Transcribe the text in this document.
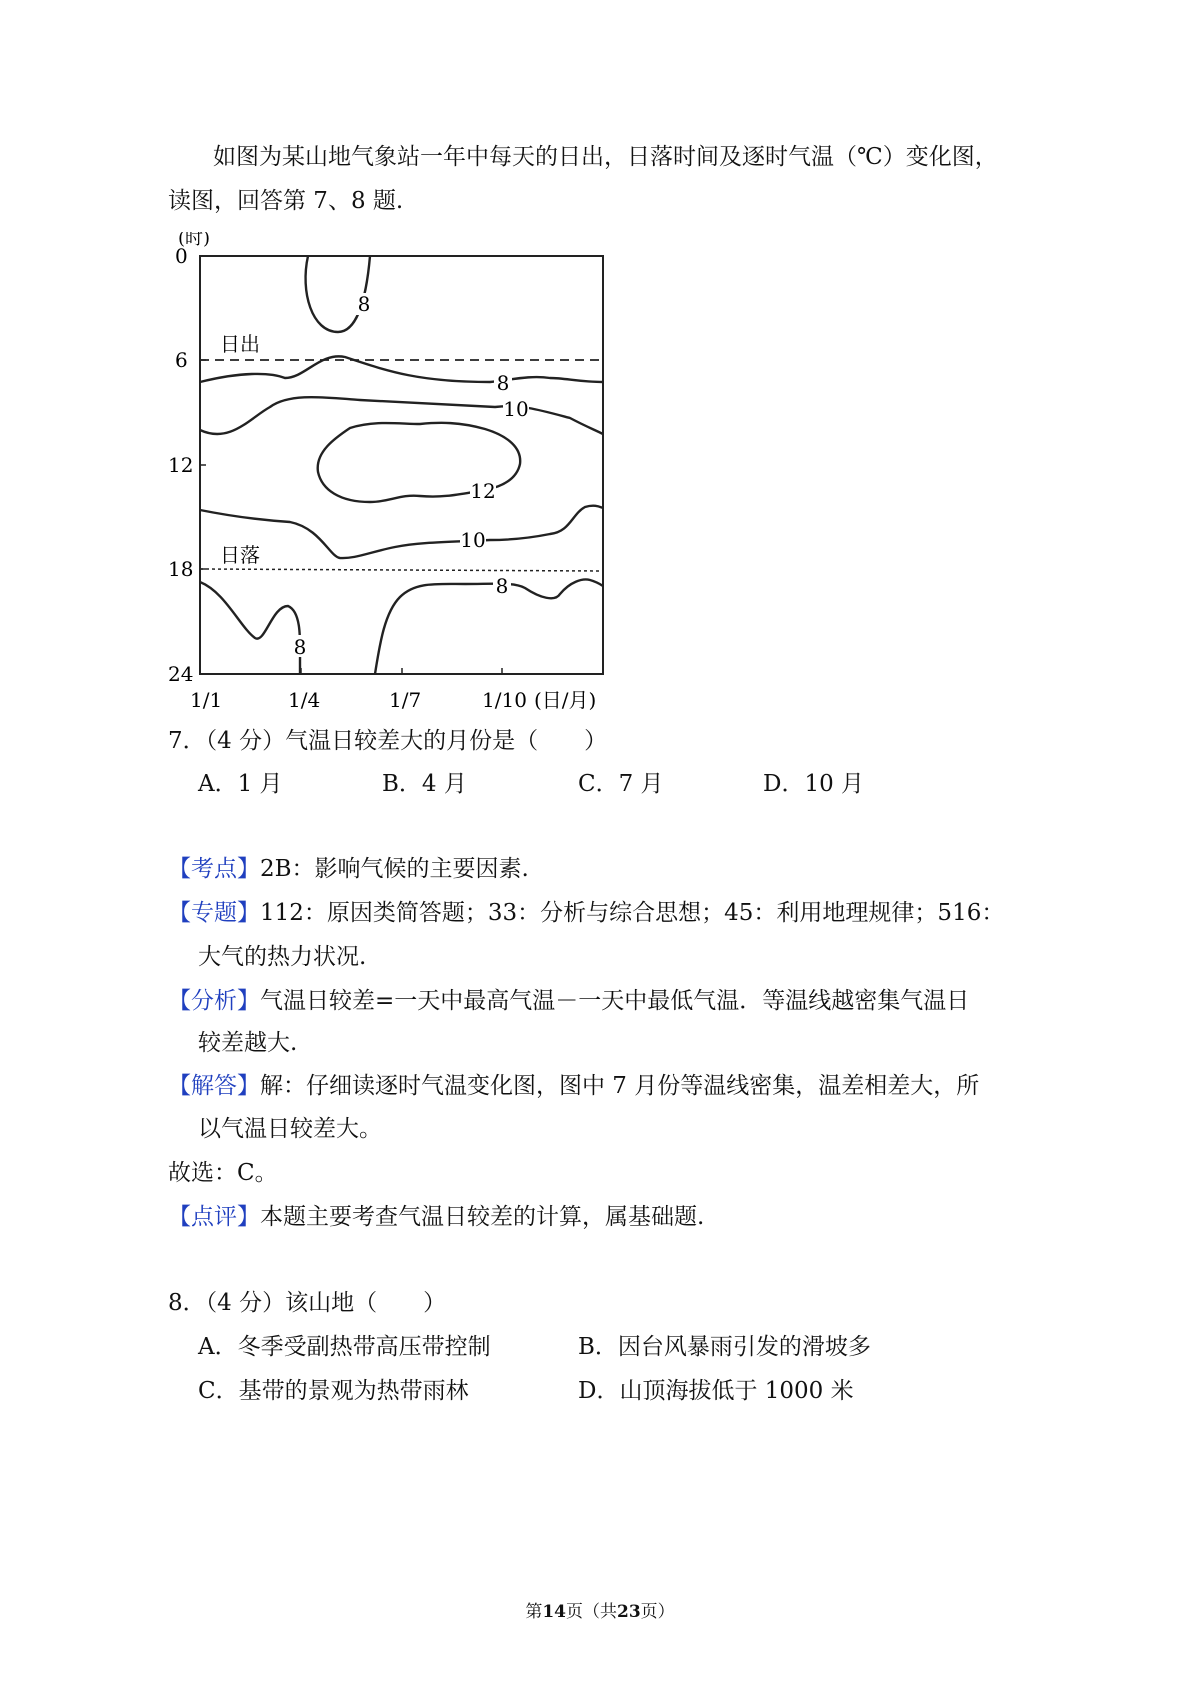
如图为某山地气象站一年中每天的日出，日落时间及逐时气温（℃）变化图，
读图，回答第 7、8 题.
(时)
0
6
12
18
24
1/1	1/4	1/7	1/10 (日/月)
日出
日落
8
8
10
12
10
8
8
7．（4 分）气温日较差大的月份是（　　）
A．1 月	B．4 月	C．7 月	D．10 月
【考点】2B：影响气候的主要因素.
【专题】112：原因类简答题；33：分析与综合思想；45：利用地理规律；516：
大气的热力状况.
【分析】气温日较差=一天中最高气温－一天中最低气温．等温线越密集气温日
较差越大.
【解答】解：仔细读逐时气温变化图，图中 7 月份等温线密集，温差相差大，所
以气温日较差大。
故选：C。
【点评】本题主要考查气温日较差的计算，属基础题.
8．（4 分）该山地（　　）
A．冬季受副热带高压带控制	B．因台风暴雨引发的滑坡多
C．基带的景观为热带雨林	D．山顶海拔低于 1000 米
第14页（共23页）
